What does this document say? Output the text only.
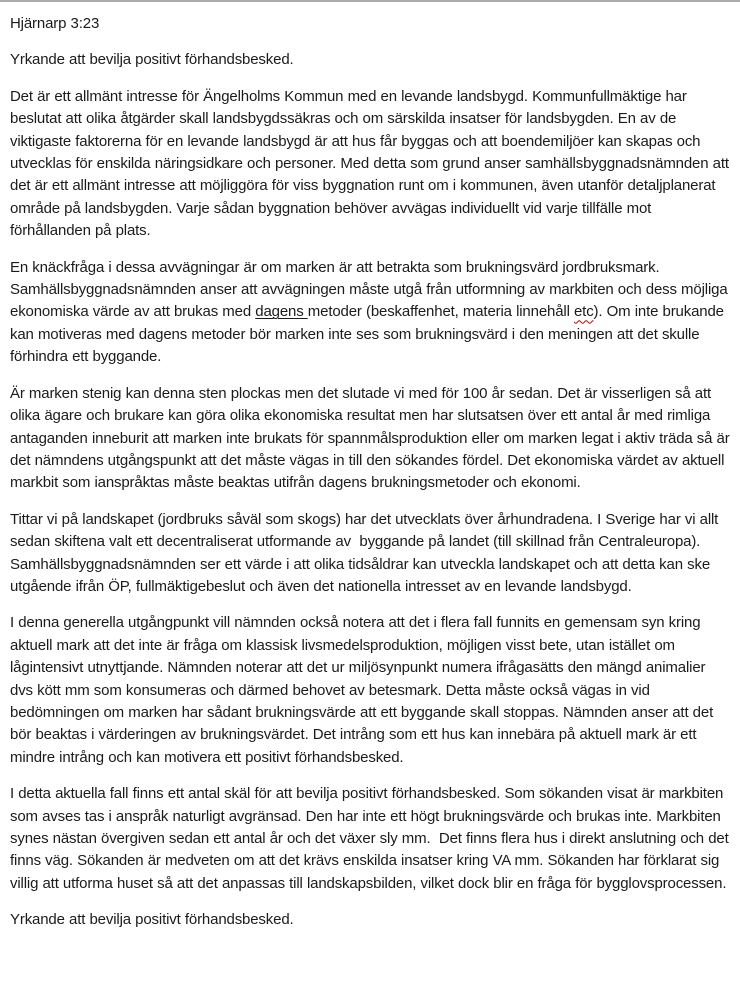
Hjärnarp 3:23

Yrkande att bevilja positivt förhandsbesked.

Det är ett allmänt intresse för Ängelholms Kommun med en levande landsbygd. Kommunfullmäktige har beslutat att olika åtgärder skall landsbygdssäkras och om särskilda insatser för landsbygden. En av de viktigaste faktorerna för en levande landsbygd är att hus får byggas och att boendemiljöer kan skapas och utvecklas för enskilda näringsidkare och personer. Med detta som grund anser samhällsbyggnadsnämnden att det är ett allmänt intresse att möjliggöra för viss byggnation runt om i kommunen, även utanför detaljplanerat område på landsbygden. Varje sådan byggnation behöver avvägas individuellt vid varje tillfälle mot förhållanden på plats.

En knäckfråga i dessa avvägningar är om marken är att betrakta som brukningsvärd jordbruksmark. Samhällsbyggnadsnämnden anser att avvägningen måste utgå från utformning av markbiten och dess möjliga ekonomiska värde av att brukas med dagens metoder (beskaffenhet, materia linnehåll etc). Om inte brukande kan motiveras med dagens metoder bör marken inte ses som brukningsvärd i den meningen att det skulle förhindra ett byggande.

Är marken stenig kan denna sten plockas men det slutade vi med för 100 år sedan. Det är visserligen så att olika ägare och brukare kan göra olika ekonomiska resultat men har slutsatsen över ett antal år med rimliga antaganden inneburit att marken inte brukats för spannmålsproduktion eller om marken legat i aktiv träda så är det nämndens utgångspunkt att det måste vägas in till den sökandes fördel. Det ekonomiska värdet av aktuell markbit som ianspråktas måste beaktas utifrån dagens brukningsmetoder och ekonomi.

Tittar vi på landskapet (jordbruks såväl som skogs) har det utvecklats över århundradena. I Sverige har vi allt sedan skiftena valt ett decentraliserat utformande av  byggande på landet (till skillnad från Centraleuropa). Samhällsbyggnadsnämnden ser ett värde i att olika tidsåldrar kan utveckla landskapet och att detta kan ske utgående ifrån ÖP, fullmäktigebeslut och även det nationella intresset av en levande landsbygd.

I denna generella utgångpunkt vill nämnden också notera att det i flera fall funnits en gemensam syn kring aktuell mark att det inte är fråga om klassisk livsmedelsproduktion, möjligen visst bete, utan istället om lågintensivt utnyttjande. Nämnden noterar att det ur miljösynpunkt numera ifrågasätts den mängd animalier dvs kött mm som konsumeras och därmed behovet av betesmark. Detta måste också vägas in vid bedömningen om marken har sådant brukningsvärde att ett byggande skall stoppas. Nämnden anser att det bör beaktas i värderingen av brukningsvärdet. Det intrång som ett hus kan innebära på aktuell mark är ett mindre intrång och kan motivera ett positivt förhandsbesked.

I detta aktuella fall finns ett antal skäl för att bevilja positivt förhandsbesked. Som sökanden visat är markbiten som avses tas i anspråk naturligt avgränsad. Den har inte ett högt brukningsvärde och brukas inte. Markbiten synes nästan övergiven sedan ett antal år och det växer sly mm.  Det finns flera hus i direkt anslutning och det finns väg. Sökanden är medveten om att det krävs enskilda insatser kring VA mm. Sökanden har förklarat sig villig att utforma huset så att det anpassas till landskapsbilden, vilket dock blir en fråga för bygglovsprocessen.

Yrkande att bevilja positivt förhandsbesked.
